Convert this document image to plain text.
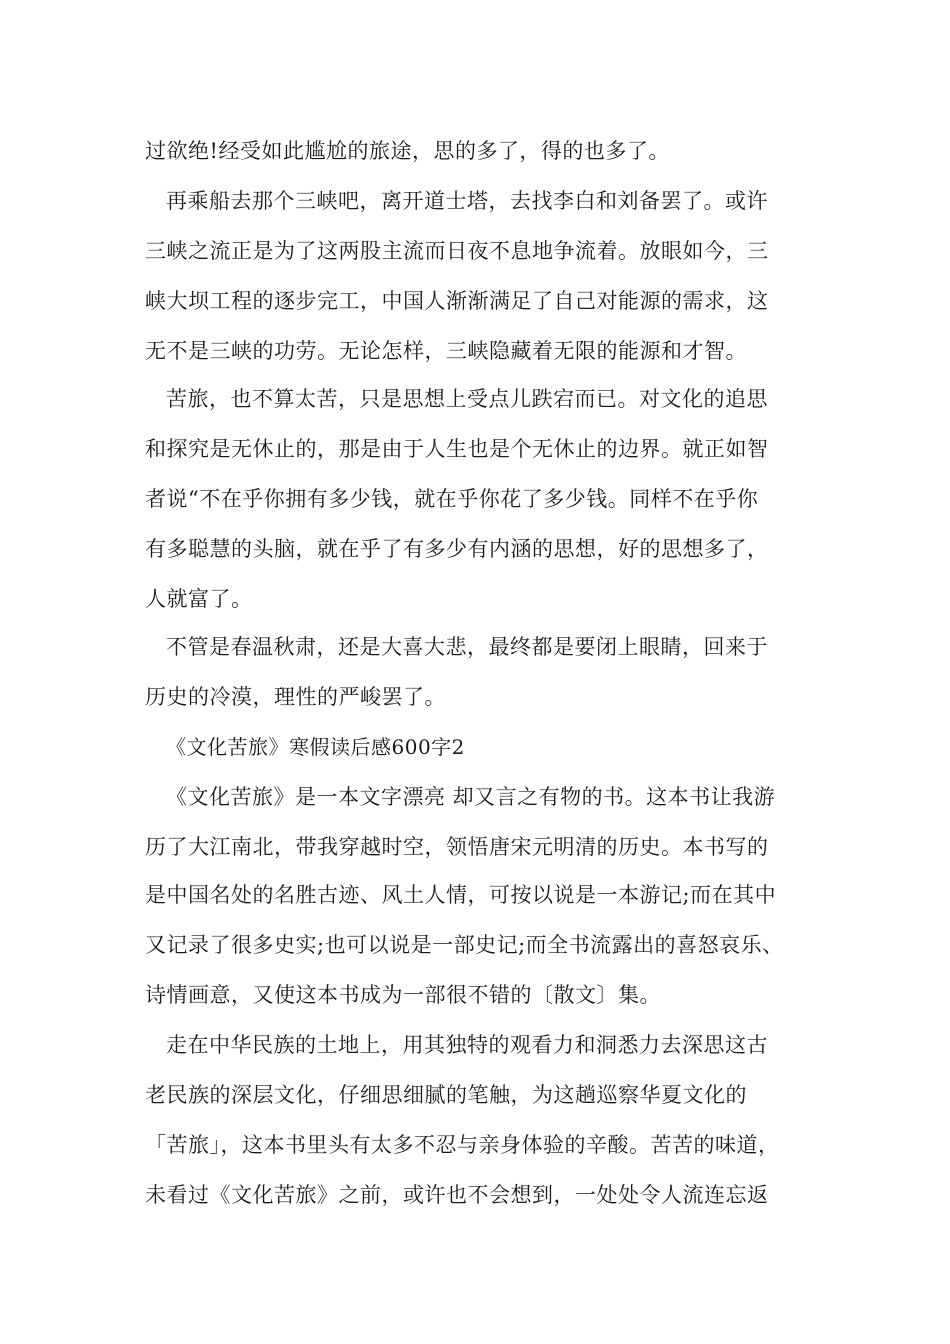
过欲绝!经受如此尴尬的旅途，思的多了，得的也多了。
再乘船去那个三峡吧，离开道士塔，去找李白和刘备罢了。或许
三峡之流正是为了这两股主流而日夜不息地争流着。放眼如今，三
峡大坝工程的逐步完工，中国人渐渐满足了自己对能源的需求，这
无不是三峡的功劳。无论怎样，三峡隐藏着无限的能源和才智。
苦旅，也不算太苦，只是思想上受点儿跌宕而已。对文化的追思
和探究是无休止的，那是由于人生也是个无休止的边界。就正如智
者说“不在乎你拥有多少钱，就在乎你花了多少钱。同样不在乎你
有多聪慧的头脑，就在乎了有多少有内涵的思想，好的思想多了，
人就富了。
不管是春温秋肃，还是大喜大悲，最终都是要闭上眼睛，回来于
历史的冷漠，理性的严峻罢了。
《文化苦旅》寒假读后感600字2
《文化苦旅》是一本文字漂亮 却又言之有物的书。这本书让我游
历了大江南北，带我穿越时空，领悟唐宋元明清的历史。本书写的
是中国名处的名胜古迹、风土人情，可按以说是一本游记;而在其中
又记录了很多史实;也可以说是一部史记;而全书流露出的喜怒哀乐、
诗情画意，又使这本书成为一部很不错的〔散文〕集。
走在中华民族的土地上，用其独特的观看力和洞悉力去深思这古
老民族的深层文化，仔细思细腻的笔触，为这趟巡察华夏文化的
「苦旅」，这本书里头有太多不忍与亲身体验的辛酸。苦苦的味道，
未看过《文化苦旅》之前，或许也不会想到，一处处令人流连忘返
